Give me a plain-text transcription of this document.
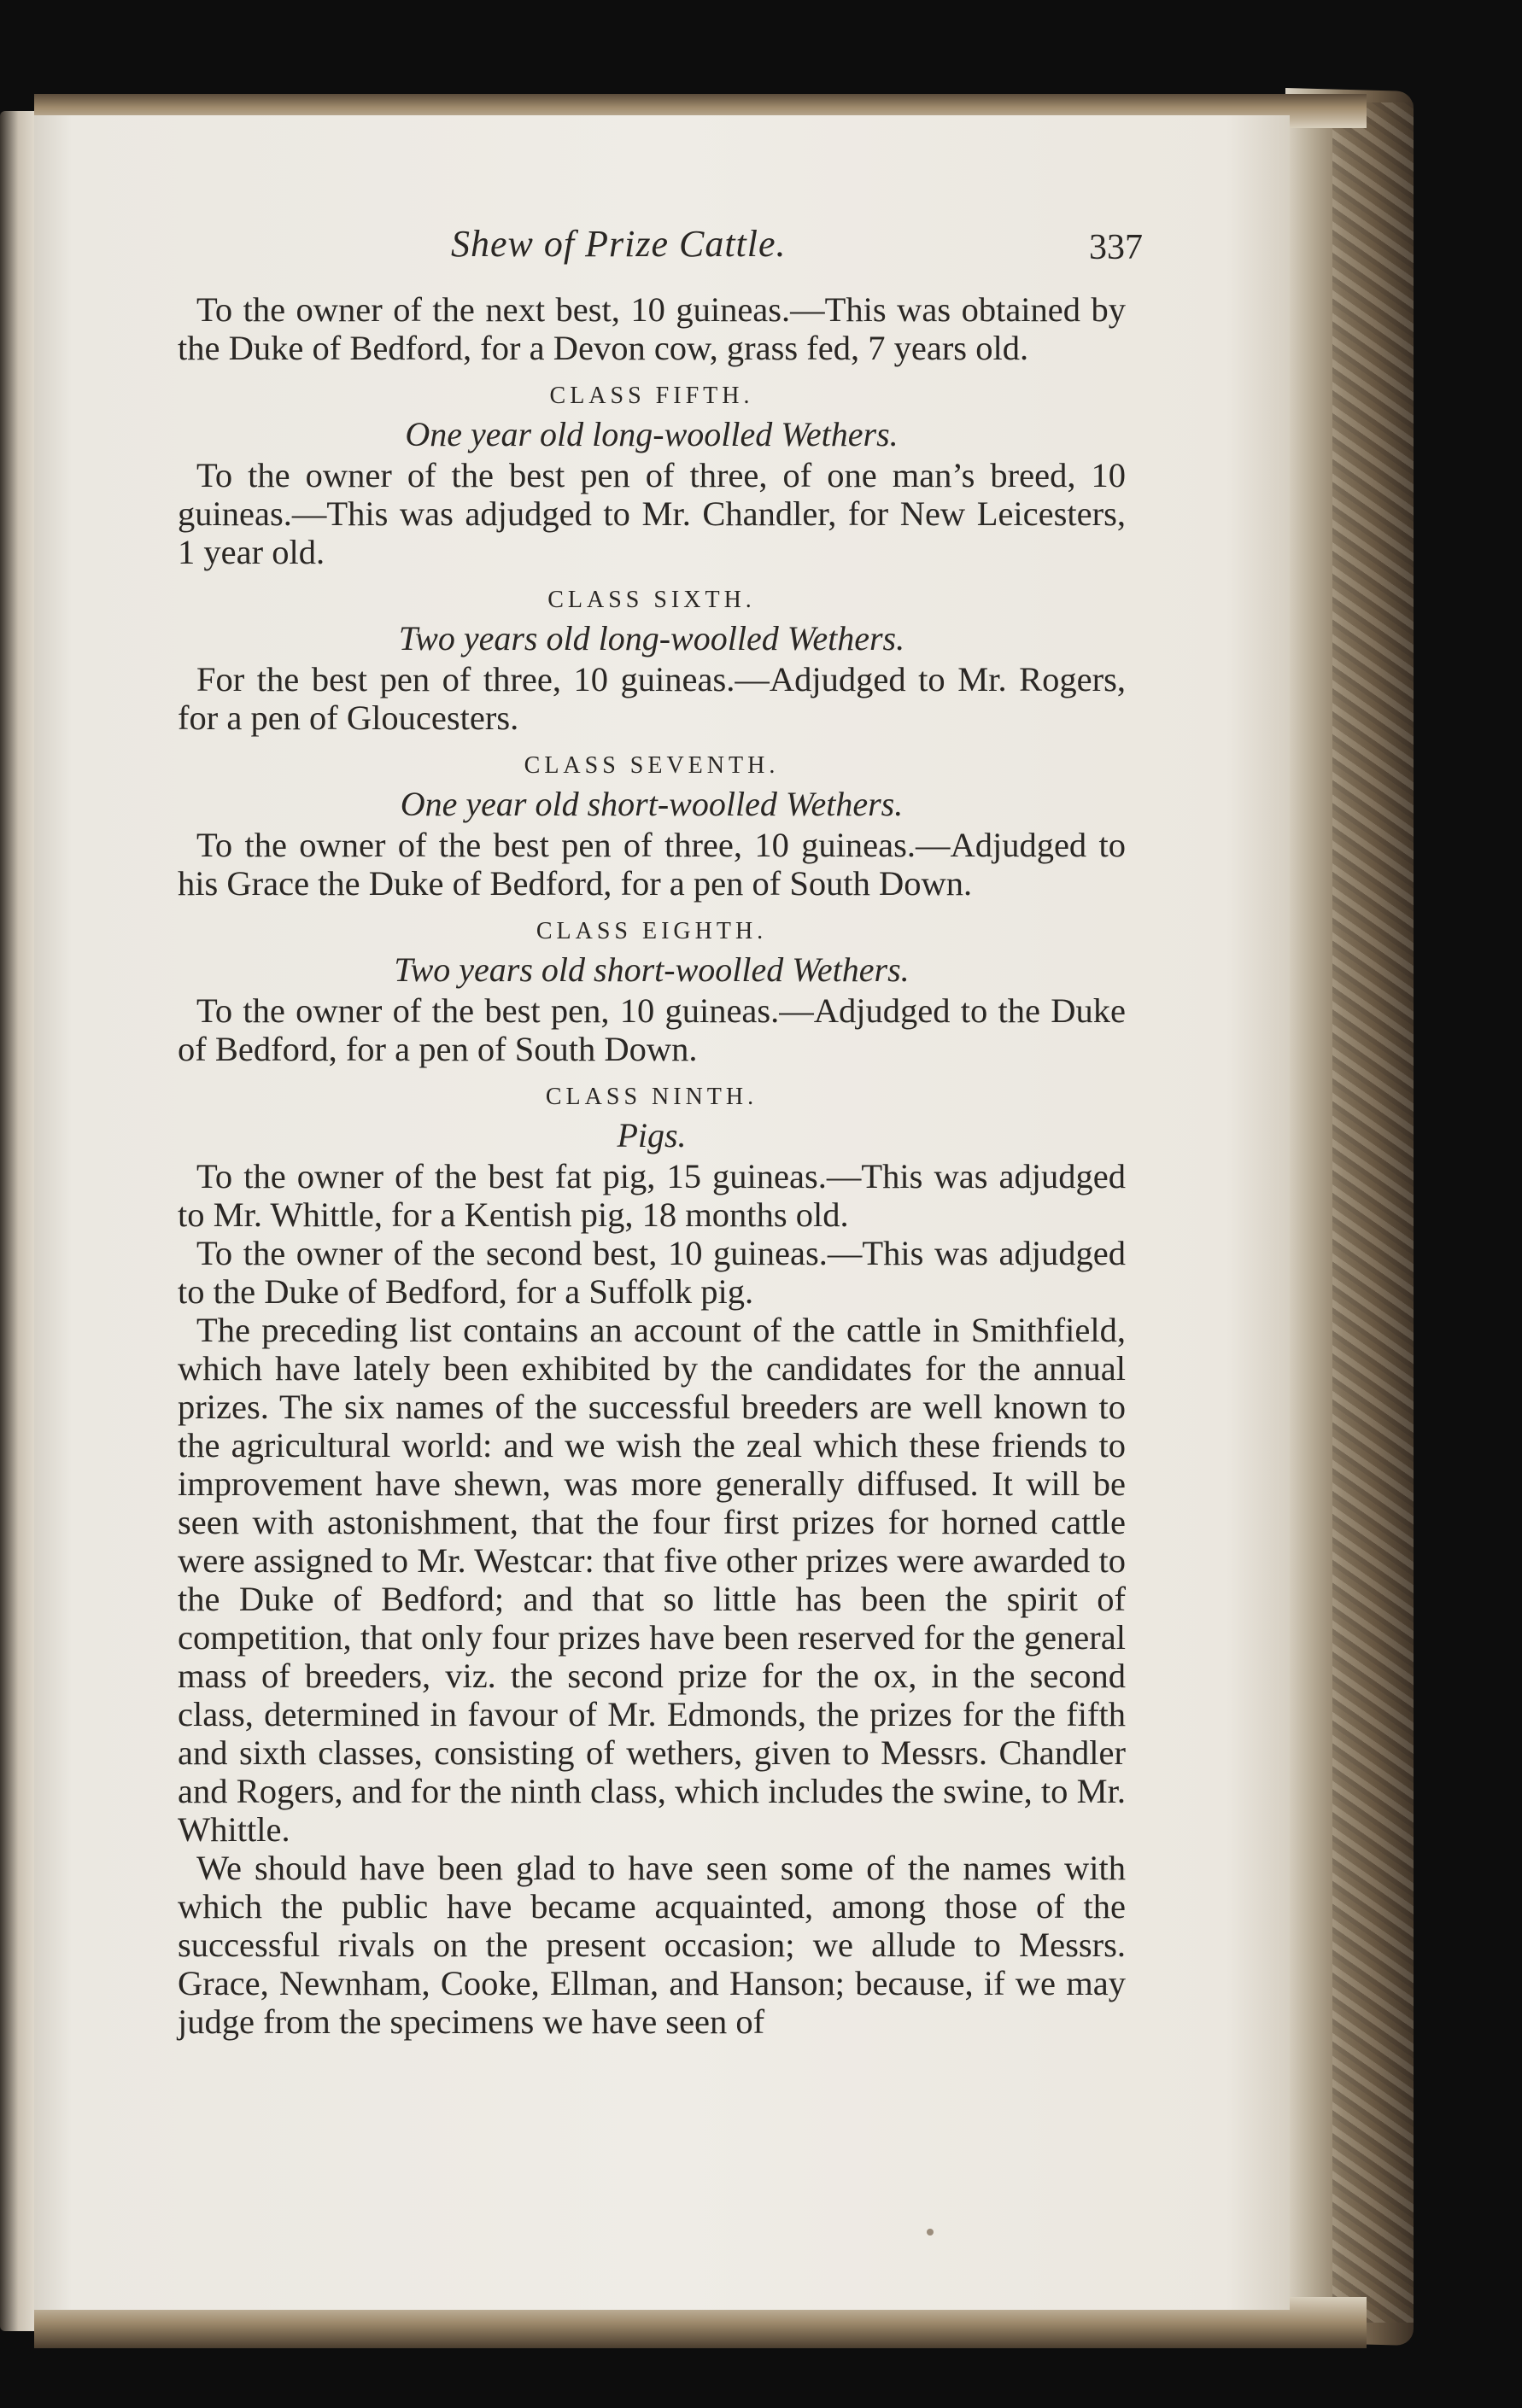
Shew of Prize Cattle.	337

To the owner of the next best, 10 guineas.—This was obtained by the Duke of Bedford, for a Devon cow, grass fed, 7 years old.

CLASS FIFTH.
One year old long-woolled Wethers.

To the owner of the best pen of three, of one man’s breed, 10 guineas.—This was adjudged to Mr. Chandler, for New Leicesters, 1 year old.

CLASS SIXTH.
Two years old long-woolled Wethers.

For the best pen of three, 10 guineas.—Adjudged to Mr. Rogers, for a pen of Gloucesters.

CLASS SEVENTH.
One year old short-woolled Wethers.

To the owner of the best pen of three, 10 guineas.—Adjudged to his Grace the Duke of Bedford, for a pen of South Down.

CLASS EIGHTH.
Two years old short-woolled Wethers.

To the owner of the best pen, 10 guineas.—Adjudged to the Duke of Bedford, for a pen of South Down.

CLASS NINTH.
Pigs.

To the owner of the best fat pig, 15 guineas.—This was adjudged to Mr. Whittle, for a Kentish pig, 18 months old.

To the owner of the second best, 10 guineas.—This was adjudged to the Duke of Bedford, for a Suffolk pig.

The preceding list contains an account of the cattle in Smithfield, which have lately been exhibited by the candidates for the annual prizes. The six names of the successful breeders are well known to the agricultural world: and we wish the zeal which these friends to improvement have shewn, was more generally diffused. It will be seen with astonishment, that the four first prizes for horned cattle were assigned to Mr. Westcar: that five other prizes were awarded to the Duke of Bedford; and that so little has been the spirit of competition, that only four prizes have been reserved for the general mass of breeders, viz. the second prize for the ox, in the second class, determined in favour of Mr. Edmonds, the prizes for the fifth and sixth classes, consisting of wethers, given to Messrs. Chandler and Rogers, and for the ninth class, which includes the swine, to Mr. Whittle.

We should have been glad to have seen some of the names with which the public have became acquainted, among those of the successful rivals on the present occasion; we allude to Messrs. Grace, Newnham, Cooke, Ellman, and Hanson; because, if we may judge from the specimens we have seen of
